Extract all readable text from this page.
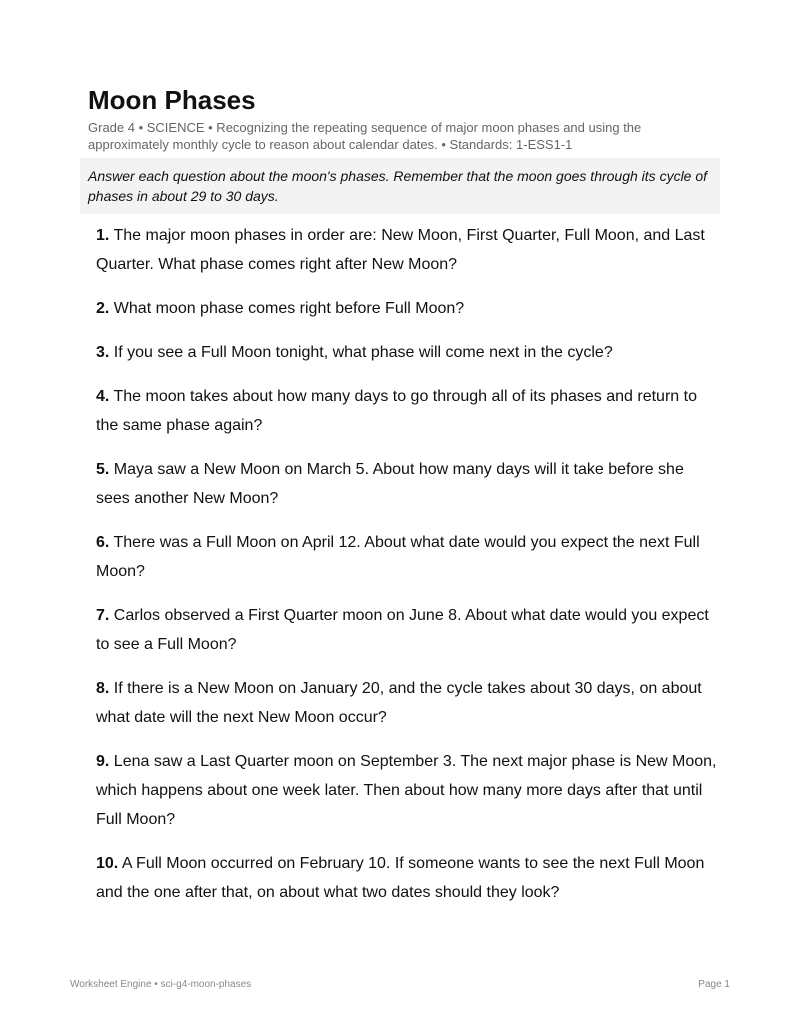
Moon Phases
Grade 4 • SCIENCE • Recognizing the repeating sequence of major moon phases and using the approximately monthly cycle to reason about calendar dates. • Standards: 1-ESS1-1
Answer each question about the moon's phases. Remember that the moon goes through its cycle of phases in about 29 to 30 days.
1. The major moon phases in order are: New Moon, First Quarter, Full Moon, and Last Quarter. What phase comes right after New Moon?
2. What moon phase comes right before Full Moon?
3. If you see a Full Moon tonight, what phase will come next in the cycle?
4. The moon takes about how many days to go through all of its phases and return to the same phase again?
5. Maya saw a New Moon on March 5. About how many days will it take before she sees another New Moon?
6. There was a Full Moon on April 12. About what date would you expect the next Full Moon?
7. Carlos observed a First Quarter moon on June 8. About what date would you expect to see a Full Moon?
8. If there is a New Moon on January 20, and the cycle takes about 30 days, on about what date will the next New Moon occur?
9. Lena saw a Last Quarter moon on September 3. The next major phase is New Moon, which happens about one week later. Then about how many more days after that until Full Moon?
10. A Full Moon occurred on February 10. If someone wants to see the next Full Moon and the one after that, on about what two dates should they look?
Worksheet Engine • sci-g4-moon-phases	Page 1
